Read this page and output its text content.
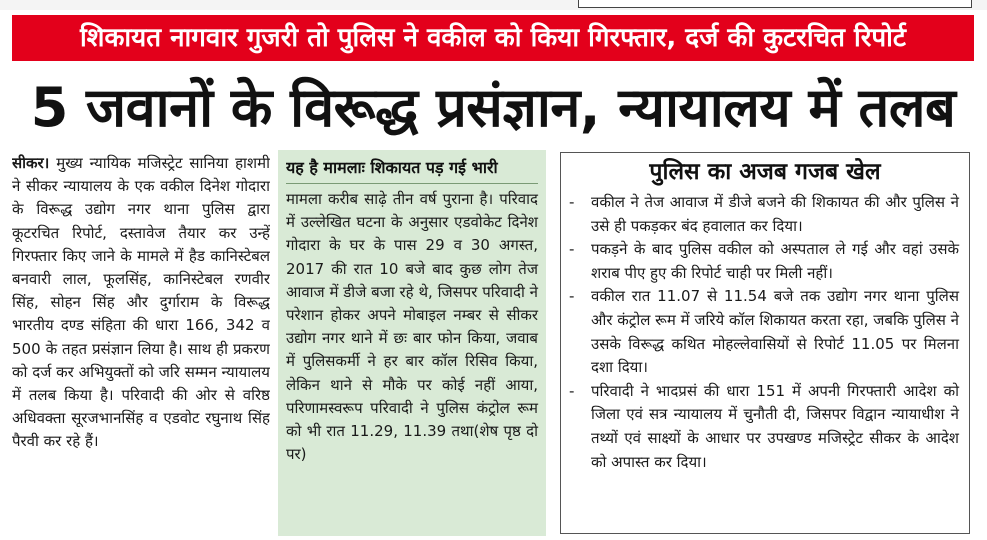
शिकायत नागवार गुजरी तो पुलिस ने वकील को किया गिरफ्तार, दर्ज की कुटरचित रिपोर्ट
5 जवानों के विरूद्ध प्रसंज्ञान, न्यायालय में तलब
सीकर। मुख्य न्यायिक मजिस्ट्रेट सानिया हाशमी ने सीकर न्यायालय के एक वकील दिनेश गोदारा के विरूद्ध उद्योग नगर थाना पुलिस द्वारा कूटरचित रिपोर्ट, दस्तावेज तैयार कर उन्हें गिरफ्तार किए जाने के मामले में हैड कानिस्टेबल बनवारी लाल, फूलसिंह, कानिस्टेबल रणवीर सिंह, सोहन सिंह और दुर्गाराम के विरूद्ध भारतीय दण्ड संहिता की धारा 166, 342 व 500 के तहत प्रसंज्ञान लिया है। साथ ही प्रकरण को दर्ज कर अभियुक्तों को जरि सम्मन न्यायालय में तलब किया है। परिवादी की ओर से वरिष्ठ अधिवक्ता सूरजभानसिंह व एडवोट रघुनाथ सिंह पैरवी कर रहे हैं।
यह है मामलाः शिकायत पड़ गई भारी
मामला करीब साढ़े तीन वर्ष पुराना है। परिवाद में उल्लेखित घटना के अनुसार एडवोकेट दिनेश गोदारा के घर के पास 29 व 30 अगस्त, 2017 की रात 10 बजे बाद कुछ लोग तेज आवाज में डीजे बजा रहे थे, जिसपर परिवादी ने परेशान होकर अपने मोबाइल नम्बर से सीकर उद्योग नगर थाने में छः बार फोन किया, जवाब में पुलिसकर्मी ने हर बार कॉल रिसिव किया, लेकिन थाने से मौके पर कोई नहीं आया, परिणामस्वरूप परिवादी ने पुलिस कंट्रोल रूम को भी रात 11.29, 11.39 तथा(शेष पृष्ठ दो पर)
पुलिस का अजब गजब खेल
- वकील ने तेज आवाज में डीजे बजने की शिकायत की और पुलिस ने उसे ही पकड़कर बंद हवालात कर दिया।
- पकड़ने के बाद पुलिस वकील को अस्पताल ले गई और वहां उसके शराब पीए हुए की रिपोर्ट चाही पर मिली नहीं।
- वकील रात 11.07 से 11.54 बजे तक उद्योग नगर थाना पुलिस और कंट्रोल रूम में जरिये कॉल शिकायत करता रहा, जबकि पुलिस ने उसके विरूद्ध कथित मोहल्लेवासियों से रिपोर्ट 11.05 पर मिलना दशा दिया।
- परिवादी ने भादप्रसं की धारा 151 में अपनी गिरफ्तारी आदेश को जिला एवं सत्र न्यायालय में चुनौती दी, जिसपर विद्वान न्यायाधीश ने तथ्यों एवं साक्ष्यों के आधार पर उपखण्ड मजिस्ट्रेट सीकर के आदेश को अपास्त कर दिया।
